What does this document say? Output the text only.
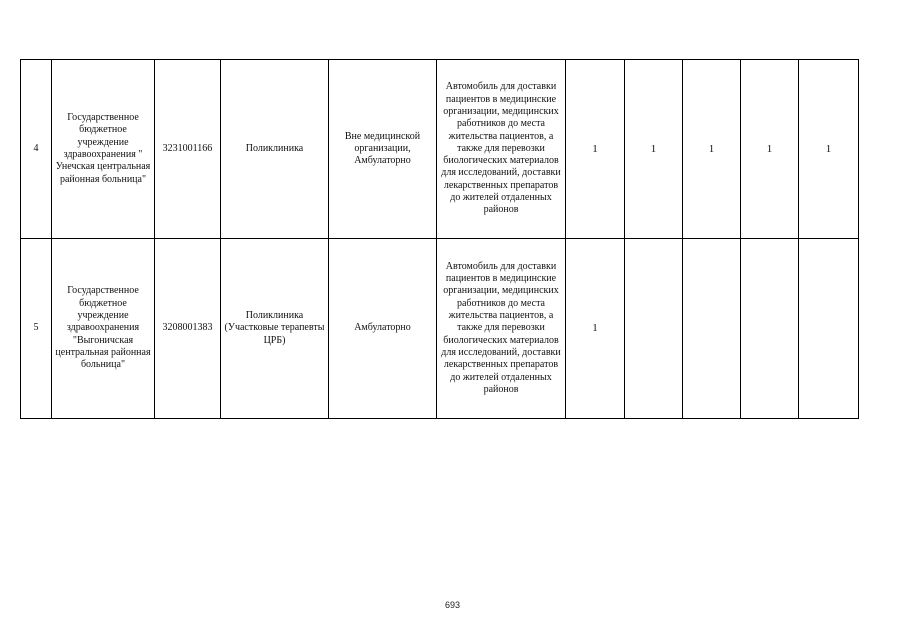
4	Государственное бюджетное учреждение здравоохранения " Унечская центральная районная больница"	3231001166	Поликлиника	Вне медицинской организации, Амбулаторно	Автомобиль для доставки пациентов в медицинские организации, медицинских работников до места жительства пациентов, а также для перевозки биологических материалов для исследований, доставки лекарственных препаратов до жителей отдаленных районов	1	1	1	1	1

5	Государственное бюджетное учреждение здравоохранения "Выгоничская центральная районная больница"	3208001383	Поликлиника (Участковые терапевты ЦРБ)	Амбулаторно	Автомобиль для доставки пациентов в медицинские организации, медицинских работников до места жительства пациентов, а также для перевозки биологических материалов для исследований, доставки лекарственных препаратов до жителей отдаленных районов	1				

693
